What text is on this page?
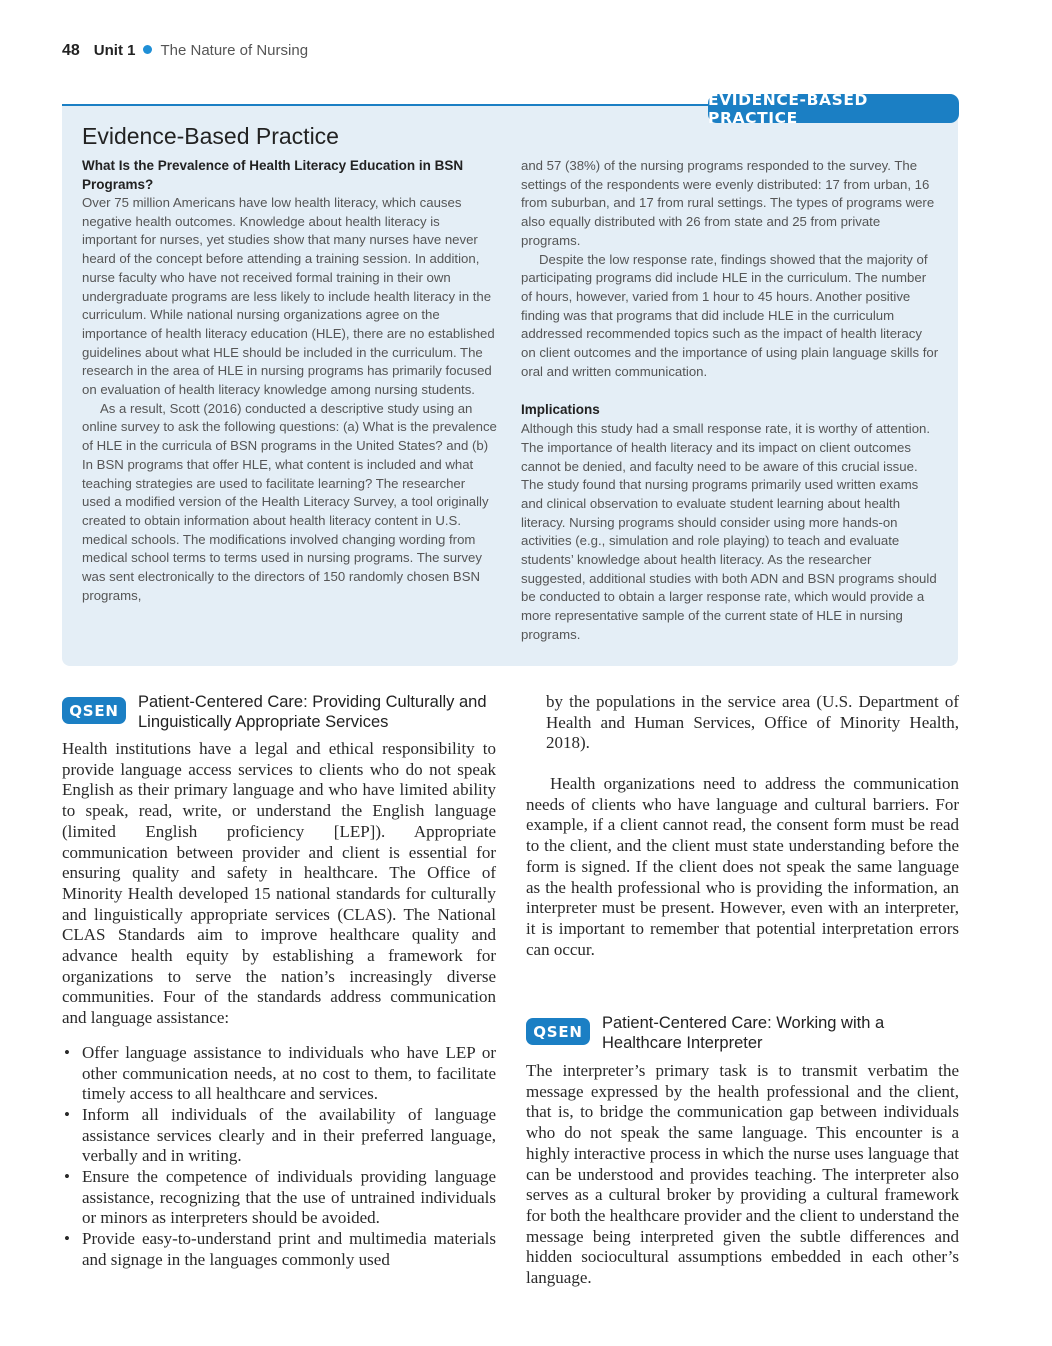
48 Unit 1 The Nature of Nursing
EVIDENCE-BASED PRACTICE
Evidence-Based Practice

What Is the Prevalence of Health Literacy Education in BSN Programs?

Over 75 million Americans have low health literacy, which causes negative health outcomes. Knowledge about health literacy is important for nurses, yet studies show that many nurses have never heard of the concept before attending a training session. In addition, nurse faculty who have not received formal training in their own undergraduate programs are less likely to include health literacy in the curriculum. While national nursing organizations agree on the importance of health literacy education (HLE), there are no established guidelines about what HLE should be included in the curriculum. The research in the area of HLE in nursing programs has primarily focused on evaluation of health literacy knowledge among nursing students.

As a result, Scott (2016) conducted a descriptive study using an online survey to ask the following questions: (a) What is the prevalence of HLE in the curricula of BSN programs in the United States? and (b) In BSN programs that offer HLE, what content is included and what teaching strategies are used to facilitate learning? The researcher used a modified version of the Health Literacy Survey, a tool originally created to obtain information about health literacy content in U.S. medical schools. The modifications involved changing wording from medical school terms to terms used in nursing programs. The survey was sent electronically to the directors of 150 randomly chosen BSN programs,

and 57 (38%) of the nursing programs responded to the survey. The settings of the respondents were evenly distributed: 17 from urban, 16 from suburban, and 17 from rural settings. The types of programs were also equally distributed with 26 from state and 25 from private programs.

Despite the low response rate, findings showed that the majority of participating programs did include HLE in the curriculum. The number of hours, however, varied from 1 hour to 45 hours. Another positive finding was that programs that did include HLE in the curriculum addressed recommended topics such as the impact of health literacy on client outcomes and the importance of using plain language skills for oral and written communication.

Implications

Although this study had a small response rate, it is worthy of attention. The importance of health literacy and its impact on client outcomes cannot be denied, and faculty need to be aware of this crucial issue. The study found that nursing programs primarily used written exams and clinical observation to evaluate student learning about health literacy. Nursing programs should consider using more hands-on activities (e.g., simulation and role playing) to teach and evaluate students’ knowledge about health literacy. As the researcher suggested, additional studies with both ADN and BSN programs should be conducted to obtain a larger response rate, which would provide a more representative sample of the current state of HLE in nursing programs.

QSEN	Patient-Centered Care: Providing Culturally and Linguistically Appropriate Services

Health institutions have a legal and ethical responsibility to provide language access services to clients who do not speak English as their primary language and who have limited ability to speak, read, write, or understand the English language (limited English proficiency [LEP]). Appropriate communication between provider and client is essential for ensuring quality and safety in healthcare. The Office of Minority Health developed 15 national standards for culturally and linguistically appropriate services (CLAS). The National CLAS Standards aim to improve healthcare quality and advance health equity by establishing a framework for organizations to serve the nation’s increasingly diverse communities. Four of the standards address communication and language assistance:

• Offer language assistance to individuals who have LEP or other communication needs, at no cost to them, to facilitate timely access to all healthcare and services.
• Inform all individuals of the availability of language assistance services clearly and in their preferred language, verbally and in writing.
• Ensure the competence of individuals providing language assistance, recognizing that the use of untrained individuals or minors as interpreters should be avoided.
• Provide easy-to-understand print and multimedia materials and signage in the languages commonly used

by the populations in the service area (U.S. Department of Health and Human Services, Office of Minority Health, 2018).

Health organizations need to address the communication needs of clients who have language and cultural barriers. For example, if a client cannot read, the consent form must be read to the client, and the client must state understanding before the form is signed. If the client does not speak the same language as the health professional who is providing the information, an interpreter must be present. However, even with an interpreter, it is important to remember that potential interpretation errors can occur.

QSEN	Patient-Centered Care: Working with a Healthcare Interpreter

The interpreter’s primary task is to transmit verbatim the message expressed by the health professional and the client, that is, to bridge the communication gap between individuals who do not speak the same language. This encounter is a highly interactive process in which the nurse uses language that can be understood and provides teaching. The interpreter also serves as a cultural broker by providing a cultural framework for both the healthcare provider and the client to understand the message being interpreted given the subtle differences and hidden sociocultural assumptions embedded in each other’s language.
